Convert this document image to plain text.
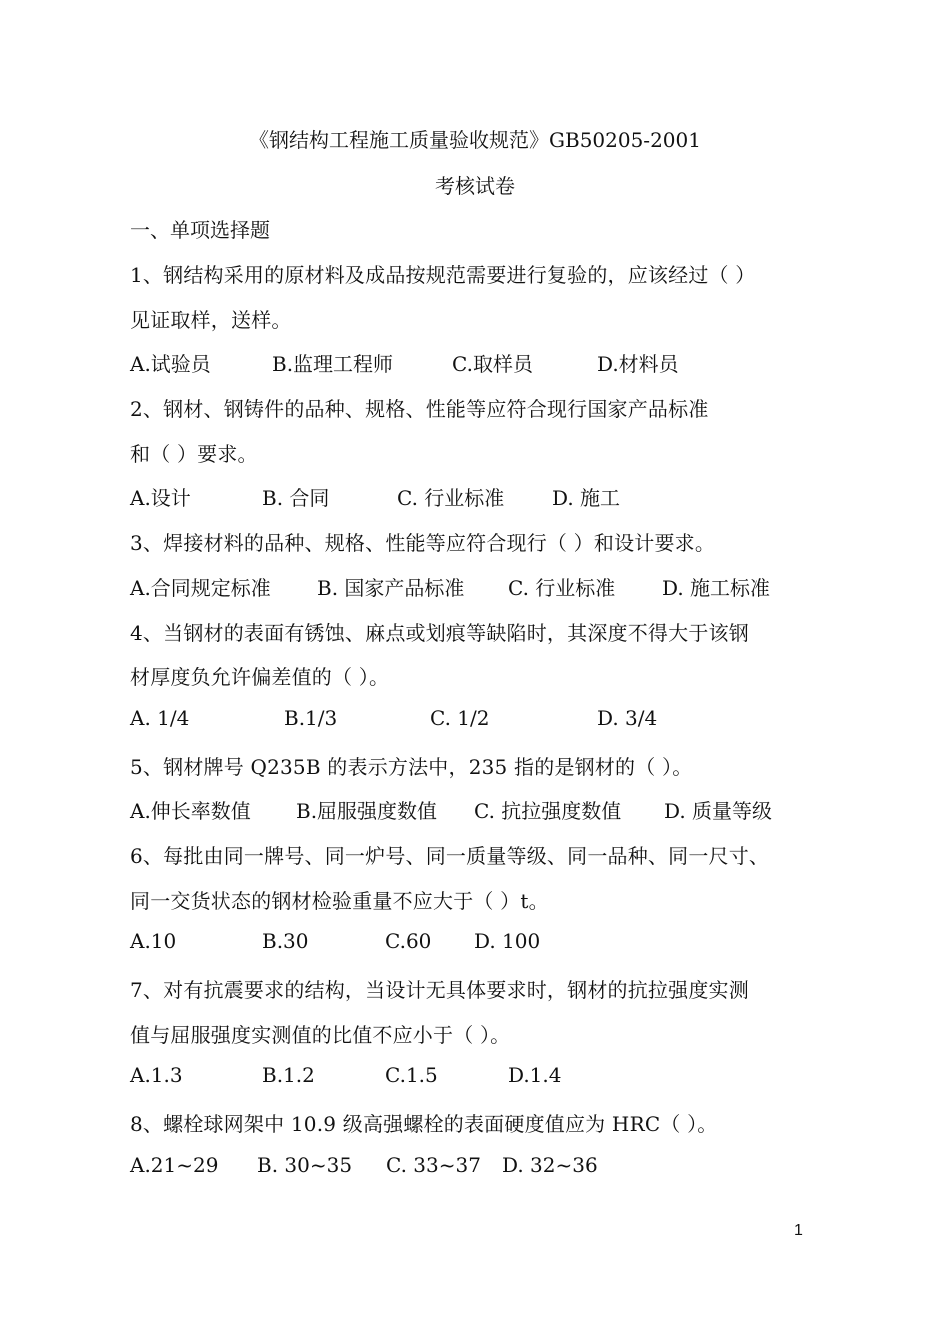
《钢结构工程施工质量验收规范》GB50205-2001
考核试卷
一、单项选择题
1、钢结构采用的原材料及成品按规范需要进行复验的，应该经过（ ）
见证取样，送样。
A.试验员	B.监理工程师	C.取样员	D.材料员
2、钢材、钢铸件的品种、规格、性能等应符合现行国家产品标准
和（ ）要求。
A.设计	B. 合同	C. 行业标准 D. 施工
3、焊接材料的品种、规格、性能等应符合现行（ ）和设计要求。
A.合同规定标准 B. 国家产品标准 C. 行业标准 D. 施工标准
4、当钢材的表面有锈蚀、麻点或划痕等缺陷时，其深度不得大于该钢
材厚度负允许偏差值的（ ）。
A. 1/4	B.1/3	C. 1/2	D. 3/4
5、钢材牌号 Q235B 的表示方法中，235 指的是钢材的（ ）。
A.伸长率数值 B.屈服强度数值 C. 抗拉强度数值 D. 质量等级
6、每批由同一牌号、同一炉号、同一质量等级、同一品种、同一尺寸、
同一交货状态的钢材检验重量不应大于（ ）t。
A.10	B.30	C.60 D. 100
7、对有抗震要求的结构，当设计无具体要求时，钢材的抗拉强度实测
值与屈服强度实测值的比值不应小于（ ）。
A.1.3	B.1.2	C.1.5	D.1.4
8、螺栓球网架中 10.9 级高强螺栓的表面硬度值应为 HRC（ ）。
A.21~29 B. 30~35 C. 33~37 D. 32~36
1
